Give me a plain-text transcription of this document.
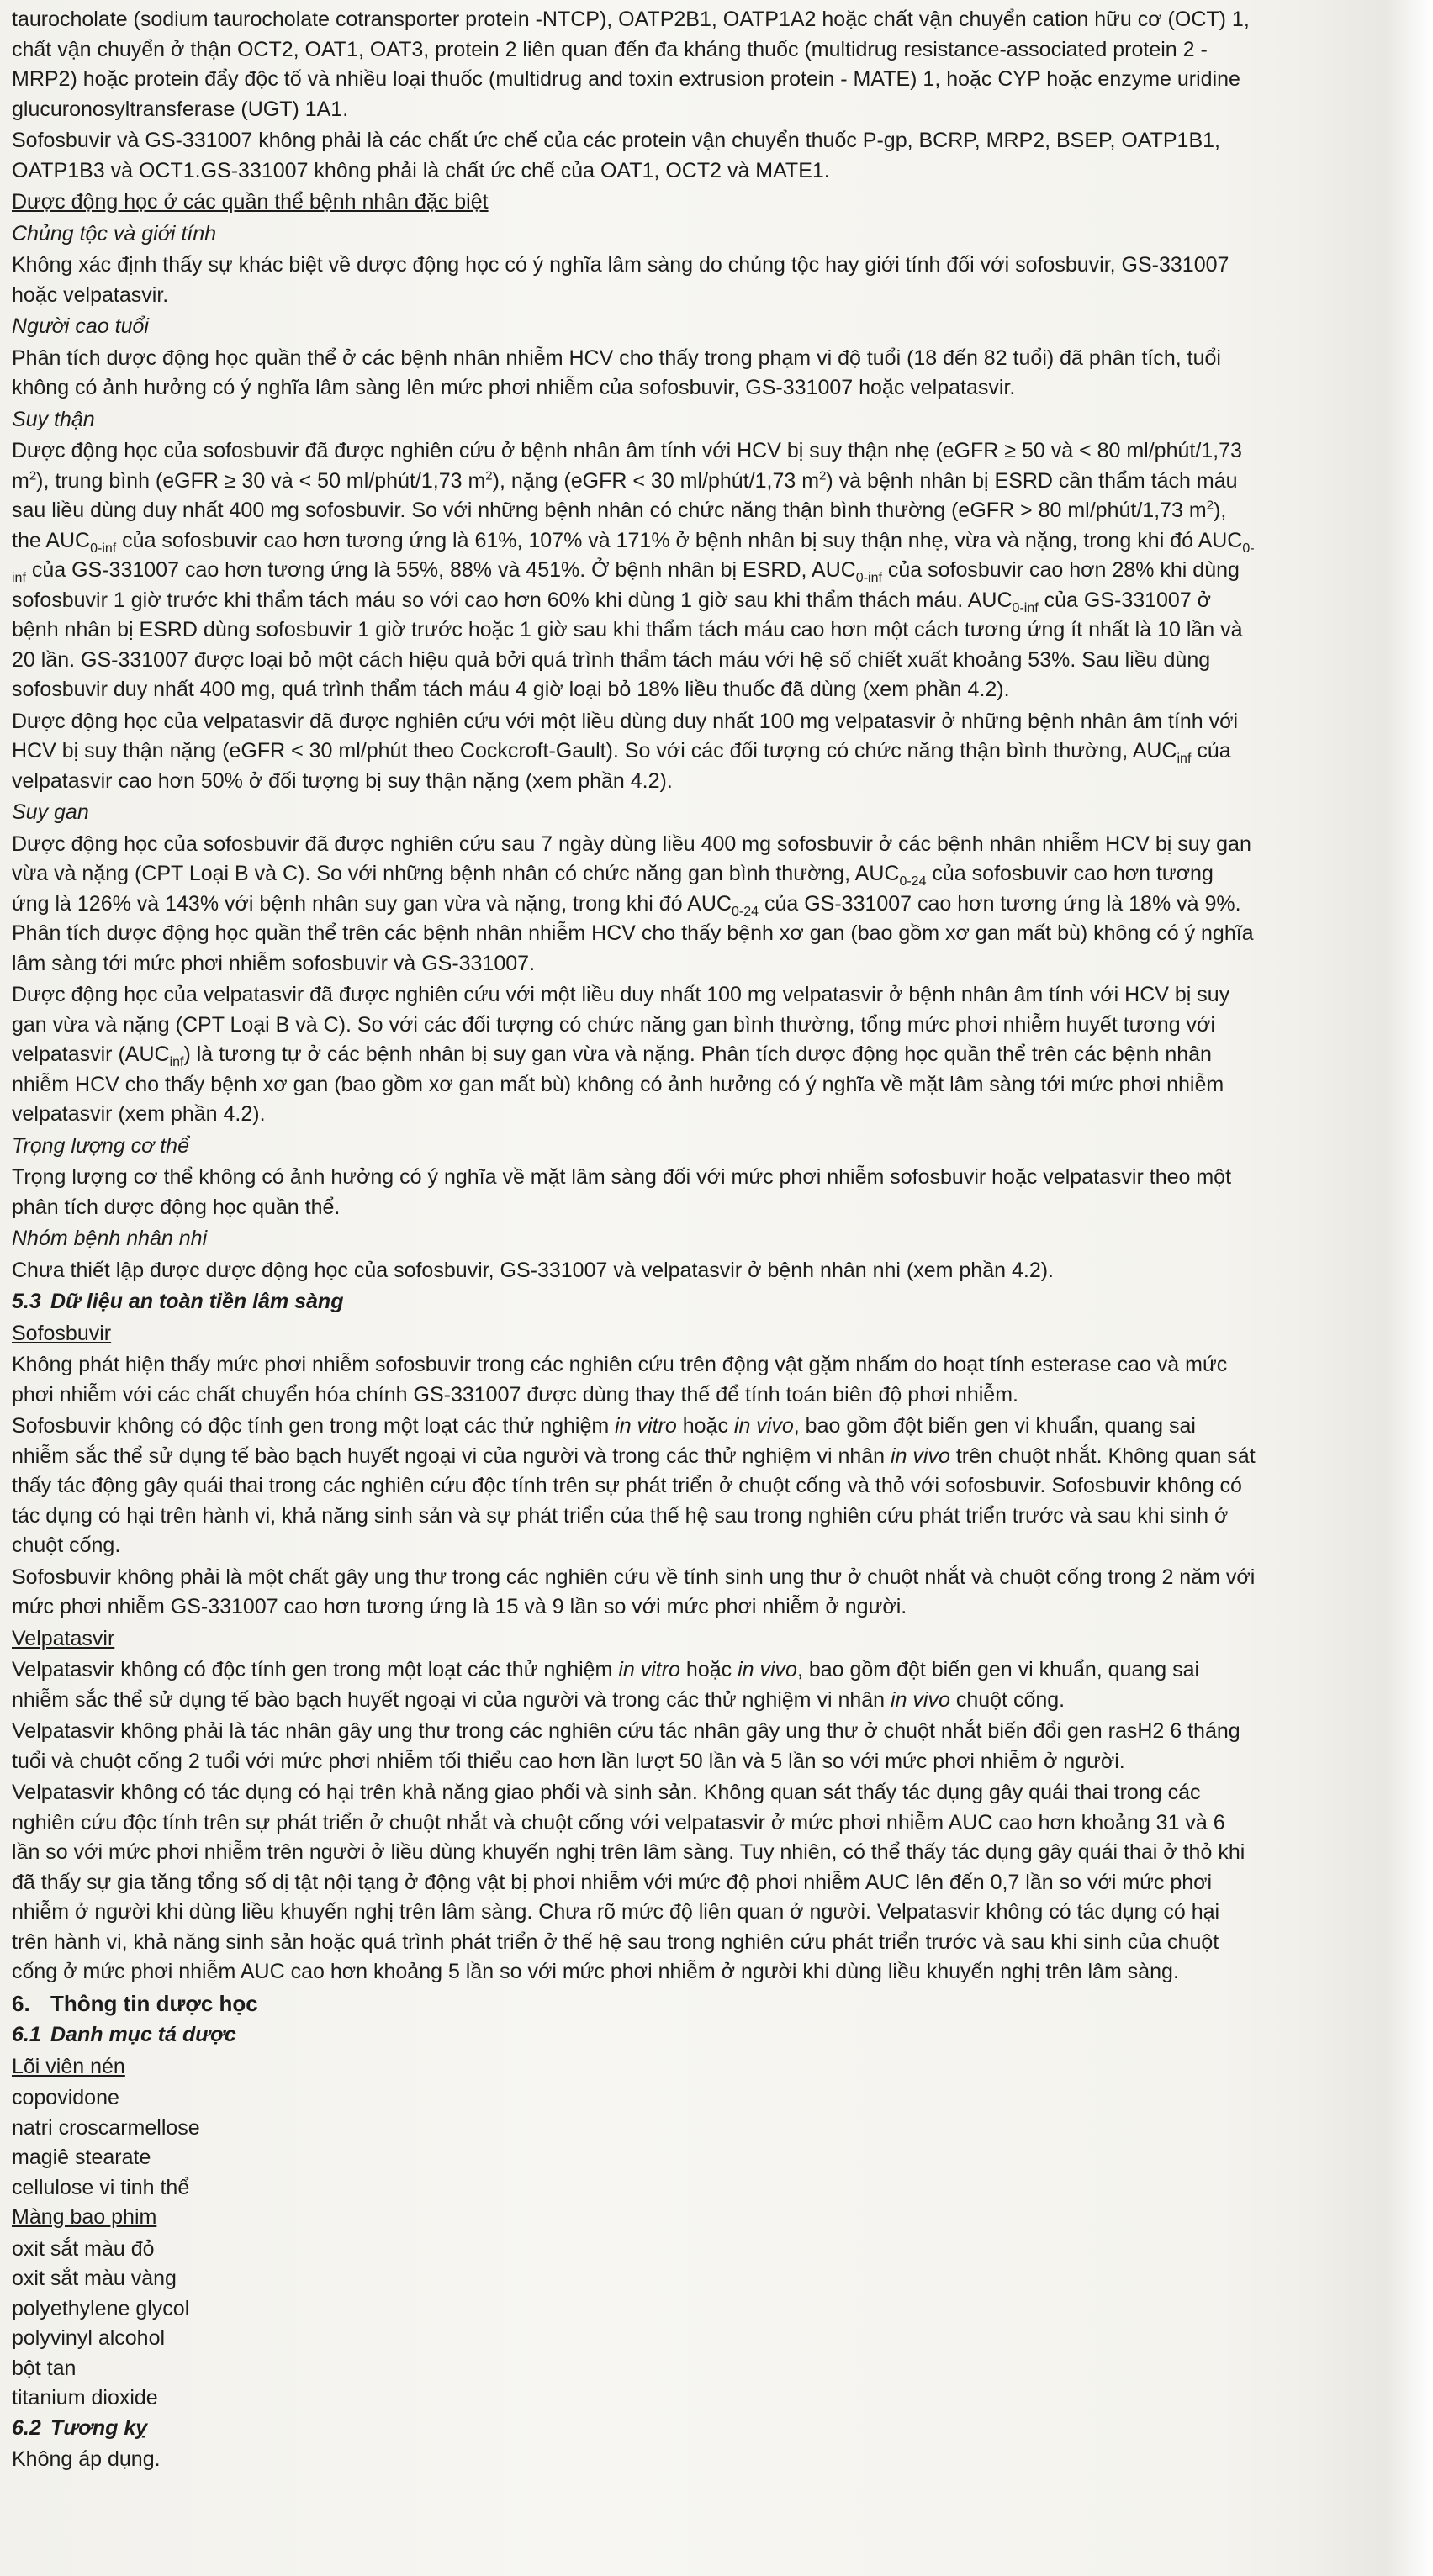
taurocholate (sodium taurocholate cotransporter protein -NTCP), OATP2B1, OATP1A2 hoặc chất vận chuyển cation hữu cơ (OCT) 1, chất vận chuyển ở thận OCT2, OAT1, OAT3, protein 2 liên quan đến đa kháng thuốc (multidrug resistance-associated protein 2 - MRP2) hoặc protein đẩy độc tố và nhiều loại thuốc (multidrug and toxin extrusion protein - MATE) 1, hoặc CYP hoặc enzyme uridine glucuronosyltransferase (UGT) 1A1.

Sofosbuvir và GS-331007 không phải là các chất ức chế của các protein vận chuyển thuốc P-gp, BCRP, MRP2, BSEP, OATP1B1, OATP1B3 và OCT1.GS-331007 không phải là chất ức chế của OAT1, OCT2 và MATE1.

Dược động học ở các quần thể bệnh nhân đặc biệt

Chủng tộc và giới tính

Không xác định thấy sự khác biệt về dược động học có ý nghĩa lâm sàng do chủng tộc hay giới tính đối với sofosbuvir, GS-331007 hoặc velpatasvir.

Người cao tuổi

Phân tích dược động học quần thể ở các bệnh nhân nhiễm HCV cho thấy trong phạm vi độ tuổi (18 đến 82 tuổi) đã phân tích, tuổi không có ảnh hưởng có ý nghĩa lâm sàng lên mức phơi nhiễm của sofosbuvir, GS-331007 hoặc velpatasvir.

Suy thận

Dược động học của sofosbuvir đã được nghiên cứu ở bệnh nhân âm tính với HCV bị suy thận nhẹ (eGFR ≥ 50 và < 80 ml/phút/1,73 $m^2$), trung bình (eGFR ≥ 30 và < 50 ml/phút/1,73 $m^2$), nặng (eGFR < 30 ml/phút/1,73 $m^2$) và bệnh nhân bị ESRD cần thẩm tách máu sau liều dùng duy nhất 400 mg sofosbuvir. So với những bệnh nhân có chức năng thận bình thường (eGFR > 80 ml/phút/1,73 $m^2$), the $AUC_{0-inf}$ của sofosbuvir cao hơn tương ứng là 61%, 107% và 171% ở bệnh nhân bị suy thận nhẹ, vừa và nặng, trong khi đó $AUC_{0-inf}$ của GS-331007 cao hơn tương ứng là 55%, 88% và 451%. Ở bệnh nhân bị ESRD, $AUC_{0-inf}$ của sofosbuvir cao hơn 28% khi dùng sofosbuvir 1 giờ trước khi thẩm tách máu so với cao hơn 60% khi dùng 1 giờ sau khi thẩm thách máu. $AUC_{0-inf}$ của GS-331007 ở bệnh nhân bị ESRD dùng sofosbuvir 1 giờ trước hoặc 1 giờ sau khi thẩm tách máu cao hơn một cách tương ứng ít nhất là 10 lần và 20 lần. GS-331007 được loại bỏ một cách hiệu quả bởi quá trình thẩm tách máu với hệ số chiết xuất khoảng 53%. Sau liều dùng sofosbuvir duy nhất 400 mg, quá trình thẩm tách máu 4 giờ loại bỏ 18% liều thuốc đã dùng (xem phần 4.2).

Dược động học của velpatasvir đã được nghiên cứu với một liều dùng duy nhất 100 mg velpatasvir ở những bệnh nhân âm tính với HCV bị suy thận nặng (eGFR < 30 ml/phút theo Cockcroft-Gault). So với các đối tượng có chức năng thận bình thường, $AUC_{inf}$ của velpatasvir cao hơn 50% ở đối tượng bị suy thận nặng (xem phần 4.2).

Suy gan

Dược động học của sofosbuvir đã được nghiên cứu sau 7 ngày dùng liều 400 mg sofosbuvir ở các bệnh nhân nhiễm HCV bị suy gan vừa và nặng (CPT Loại B và C). So với những bệnh nhân có chức năng gan bình thường, $AUC_{0-24}$ của sofosbuvir cao hơn tương ứng là 126% và 143% với bệnh nhân suy gan vừa và nặng, trong khi đó $AUC_{0-24}$ của GS-331007 cao hơn tương ứng là 18% và 9%. Phân tích dược động học quần thể trên các bệnh nhân nhiễm HCV cho thấy bệnh xơ gan (bao gồm xơ gan mất bù) không có ý nghĩa lâm sàng tới mức phơi nhiễm sofosbuvir và GS-331007.

Dược động học của velpatasvir đã được nghiên cứu với một liều duy nhất 100 mg velpatasvir ở bệnh nhân âm tính với HCV bị suy gan vừa và nặng (CPT Loại B và C). So với các đối tượng có chức năng gan bình thường, tổng mức phơi nhiễm huyết tương với velpatasvir $(AUC_{inf})$ là tương tự ở các bệnh nhân bị suy gan vừa và nặng. Phân tích dược động học quần thể trên các bệnh nhân nhiễm HCV cho thấy bệnh xơ gan (bao gồm xơ gan mất bù) không có ảnh hưởng có ý nghĩa về mặt lâm sàng tới mức phơi nhiễm velpatasvir (xem phần 4.2).

Trọng lượng cơ thể

Trọng lượng cơ thể không có ảnh hưởng có ý nghĩa về mặt lâm sàng đối với mức phơi nhiễm sofosbuvir hoặc velpatasvir theo một phân tích dược động học quần thể.

Nhóm bệnh nhân nhi

Chưa thiết lập được dược động học của sofosbuvir, GS-331007 và velpatasvir ở bệnh nhân nhi (xem phần 4.2).

5.3 Dữ liệu an toàn tiền lâm sàng

Sofosbuvir

Không phát hiện thấy mức phơi nhiễm sofosbuvir trong các nghiên cứu trên động vật gặm nhấm do hoạt tính esterase cao và mức phơi nhiễm với các chất chuyển hóa chính GS-331007 được dùng thay thế để tính toán biên độ phơi nhiễm.

Sofosbuvir không có độc tính gen trong một loạt các thử nghiệm in vitro hoặc in vivo, bao gồm đột biến gen vi khuẩn, quang sai nhiễm sắc thể sử dụng tế bào bạch huyết ngoại vi của người và trong các thử nghiệm vi nhân in vivo trên chuột nhắt. Không quan sát thấy tác động gây quái thai trong các nghiên cứu độc tính trên sự phát triển ở chuột cống và thỏ với sofosbuvir. Sofosbuvir không có tác dụng có hại trên hành vi, khả năng sinh sản và sự phát triển của thế hệ sau trong nghiên cứu phát triển trước và sau khi sinh ở chuột cống.

Sofosbuvir không phải là một chất gây ung thư trong các nghiên cứu về tính sinh ung thư ở chuột nhắt và chuột cống trong 2 năm với mức phơi nhiễm GS-331007 cao hơn tương ứng là 15 và 9 lần so với mức phơi nhiễm ở người.

Velpatasvir

Velpatasvir không có độc tính gen trong một loạt các thử nghiệm in vitro hoặc in vivo, bao gồm đột biến gen vi khuẩn, quang sai nhiễm sắc thể sử dụng tế bào bạch huyết ngoại vi của người và trong các thử nghiệm vi nhân in vivo chuột cống.

Velpatasvir không phải là tác nhân gây ung thư trong các nghiên cứu tác nhân gây ung thư ở chuột nhắt biến đổi gen rasH2 6 tháng tuổi và chuột cống 2 tuổi với mức phơi nhiễm tối thiểu cao hơn lần lượt 50 lần và 5 lần so với mức phơi nhiễm ở người.

Velpatasvir không có tác dụng có hại trên khả năng giao phối và sinh sản. Không quan sát thấy tác dụng gây quái thai trong các nghiên cứu độc tính trên sự phát triển ở chuột nhắt và chuột cống với velpatasvir ở mức phơi nhiễm AUC cao hơn khoảng 31 và 6 lần so với mức phơi nhiễm trên người ở liều dùng khuyến nghị trên lâm sàng. Tuy nhiên, có thể thấy tác dụng gây quái thai ở thỏ khi đã thấy sự gia tăng tổng số dị tật nội tạng ở động vật bị phơi nhiễm với mức độ phơi nhiễm AUC lên đến 0,7 lần so với mức phơi nhiễm ở người khi dùng liều khuyến nghị trên lâm sàng. Chưa rõ mức độ liên quan ở người. Velpatasvir không có tác dụng có hại trên hành vi, khả năng sinh sản hoặc quá trình phát triển ở thế hệ sau trong nghiên cứu phát triển trước và sau khi sinh của chuột cống ở mức phơi nhiễm AUC cao hơn khoảng 5 lần so với mức phơi nhiễm ở người khi dùng liều khuyến nghị trên lâm sàng.

6. Thông tin dược học

6.1 Danh mục tá dược

Lõi viên nén

copovidone
natri croscarmellose
magiê stearate
cellulose vi tinh thể

Màng bao phim

oxit sắt màu đỏ
oxit sắt màu vàng
polyethylene glycol
polyvinyl alcohol
bột tan
titanium dioxide

6.2 Tương kỵ

Không áp dụng.
